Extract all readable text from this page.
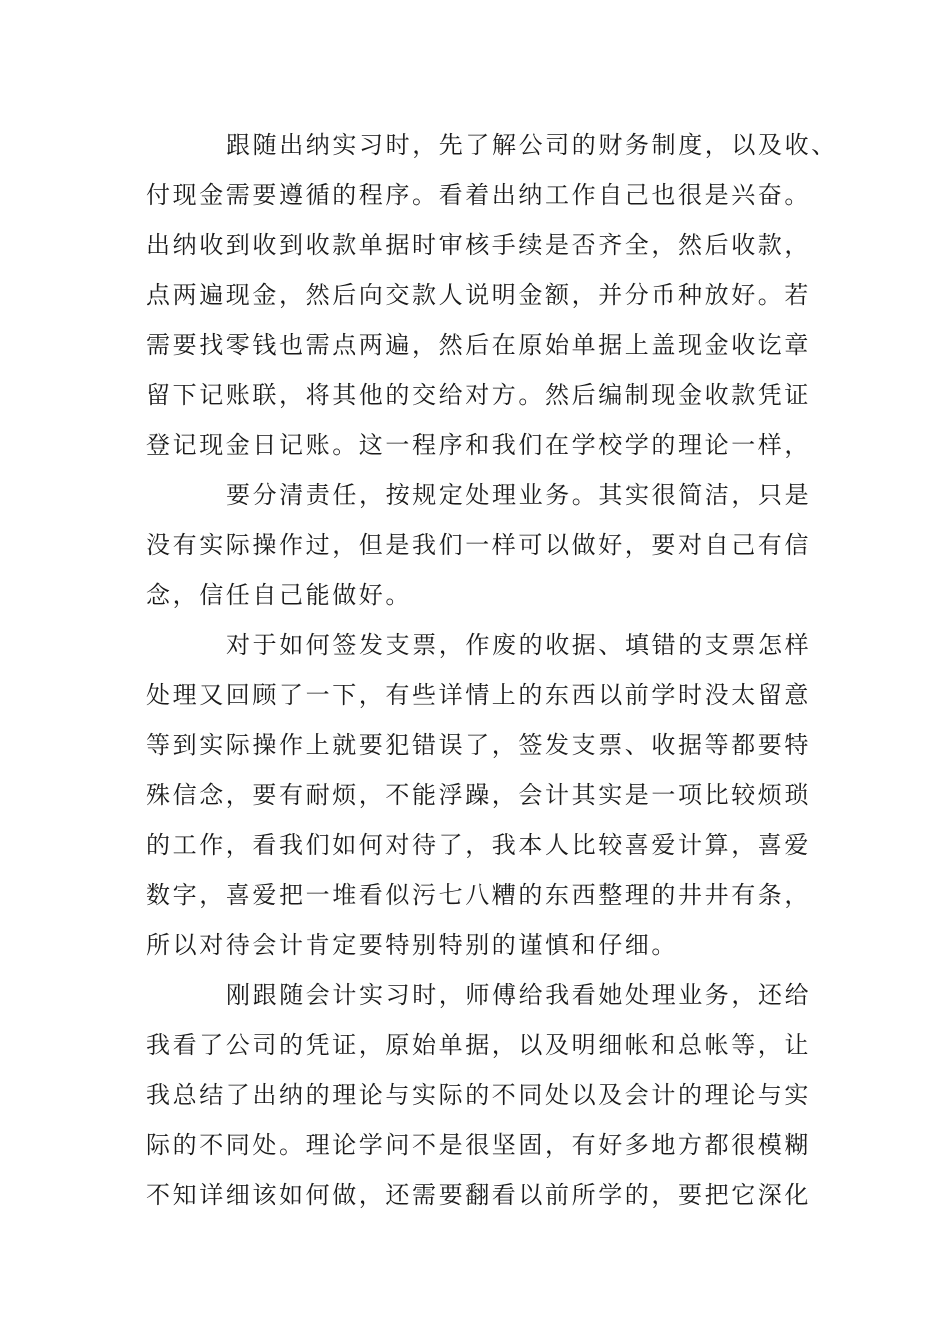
跟随出纳实习时，先了解公司的财务制度，以及收、
付现金需要遵循的程序。看着出纳工作自己也很是兴奋。
出纳收到收到收款单据时审核手续是否齐全，然后收款，
点两遍现金，然后向交款人说明金额，并分币种放好。若
需要找零钱也需点两遍，然后在原始单据上盖现金收讫章
留下记账联，将其他的交给对方。然后编制现金收款凭证
登记现金日记账。这一程序和我们在学校学的理论一样，
要分清责任，按规定处理业务。其实很简洁，只是
没有实际操作过，但是我们一样可以做好，要对自己有信
念，信任自己能做好。
对于如何签发支票，作废的收据、填错的支票怎样
处理又回顾了一下，有些详情上的东西以前学时没太留意
等到实际操作上就要犯错误了，签发支票、收据等都要特
殊信念，要有耐烦，不能浮躁，会计其实是一项比较烦琐
的工作，看我们如何对待了，我本人比较喜爱计算，喜爱
数字，喜爱把一堆看似污七八糟的东西整理的井井有条，
所以对待会计肯定要特别特别的谨慎和仔细。
刚跟随会计实习时，师傅给我看她处理业务，还给
我看了公司的凭证，原始单据，以及明细帐和总帐等，让
我总结了出纳的理论与实际的不同处以及会计的理论与实
际的不同处。理论学问不是很坚固，有好多地方都很模糊
不知详细该如何做，还需要翻看以前所学的，要把它深化
